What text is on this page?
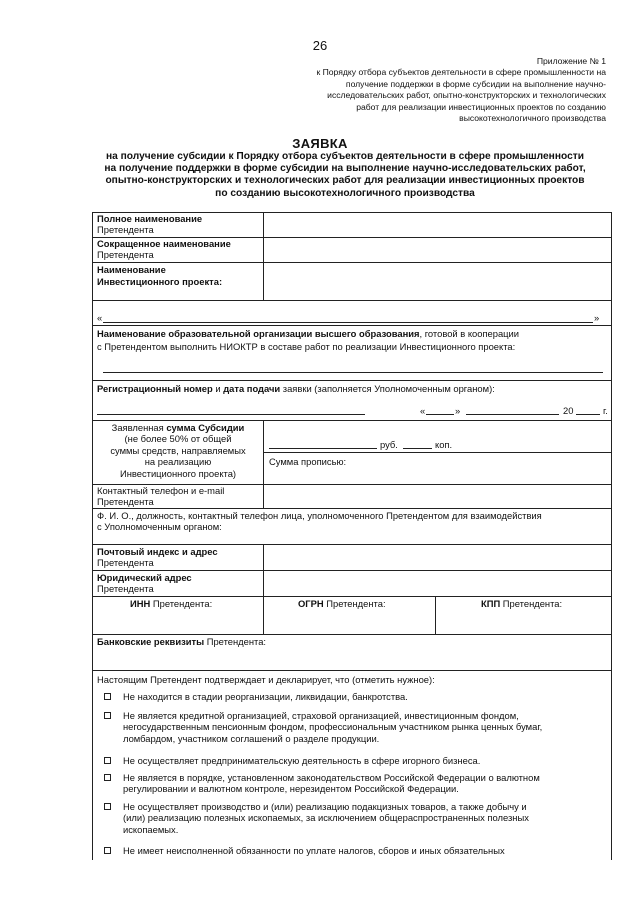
26
Приложение № 1
к Порядку отбора субъектов деятельности в сфере промышленности на
получение поддержки в форме субсидии на выполнение научно-
исследовательских работ, опытно-конструкторских и технологических
работ для реализации инвестиционных проектов по созданию
высокотехнологичного производства
ЗАЯВКА
на получение субсидии к Порядку отбора субъектов деятельности в сфере промышленности
на получение поддержки в форме субсидии на выполнение научно-исследовательских работ,
опытно-конструкторских и технологических работ для реализации инвестиционных проектов
по созданию высокотехнологичного производства
Полное наименование
Претендента
Сокращенное наименование
Претендента
Наименование
Инвестиционного проекта:
«	»
Наименование образовательной организации высшего образования, готовой в кооперации
с Претендентом выполнить НИОКТР в составе работ по реализации Инвестиционного проекта:
Регистрационный номер и дата подачи заявки (заполняется Уполномоченным органом):
«	»	20	г.
Заявленная сумма Субсидии
(не более 50% от общей
суммы средств, направляемых
на реализацию
Инвестиционного проекта)
руб.	коп.
Сумма прописью:
Контактный телефон и e-mail
Претендента
Ф. И. О., должность, контактный телефон лица, уполномоченного Претендентом для взаимодействия
с Уполномоченным органом:
Почтовый индекс и адрес
Претендента
Юридический адрес
Претендента
ИНН Претендента:	ОГРН Претендента:	КПП Претендента:
Банковские реквизиты Претендента:
Настоящим Претендент подтверждает и декларирует, что (отметить нужное):
Не находится в стадии реорганизации, ликвидации, банкротства.
Не является кредитной организацией, страховой организацией, инвестиционным фондом,
негосударственным пенсионным фондом, профессиональным участником рынка ценных бумаг,
ломбардом, участником соглашений о разделе продукции.
Не осуществляет предпринимательскую деятельность в сфере игорного бизнеса.
Не является в порядке, установленном законодательством Российской Федерации о валютном
регулировании и валютном контроле, нерезидентом Российской Федерации.
Не осуществляет производство и (или) реализацию подакцизных товаров, а также добычу и
(или) реализацию полезных ископаемых, за исключением общераспространенных полезных
ископаемых.
Не имеет неисполненной обязанности по уплате налогов, сборов и иных обязательных
